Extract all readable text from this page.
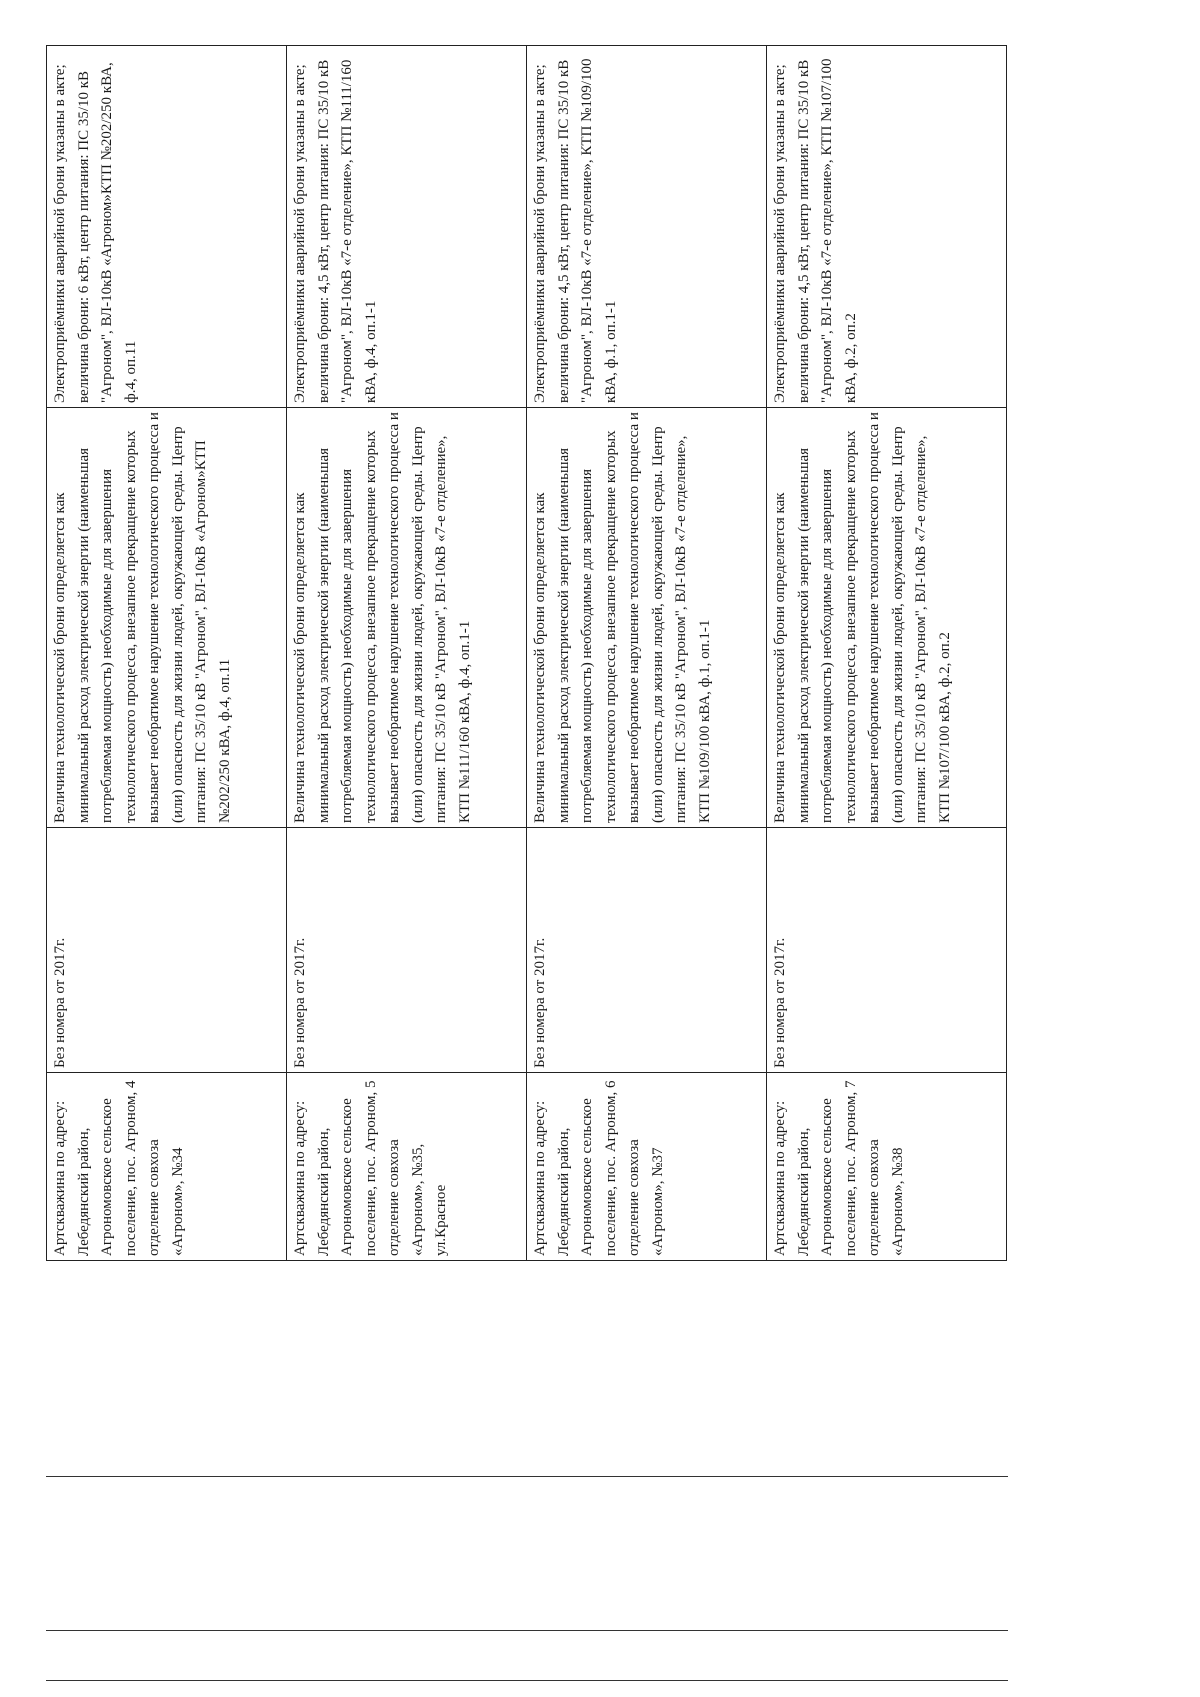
Артскважина по адресу: Лебедянский район, Агрономовское сельское поселение, пос. Агроном, 4 отделение совхоза «Агроном», №34	Без номера от 2017г.	Величина технологической брони определяется как минимальный расход электрической энергии (наименьшая потребляемая мощность) необходимые для завершения технологического процесса, внезапное прекращение которых вызывает необратимое нарушение технологического процесса и (или) опасность для жизни людей, окружающей среды. Центр питания: ПС 35/10 кВ "Агроном", ВЛ-10кВ «Агроном»КТП №202/250 кВА, ф.4, оп.11	Электроприёмники аварийной брони указаны в акте; величина брони: 6 кВт, центр питания: ПС 35/10 кВ "Агроном", ВЛ-10кВ «Агроном»КТП №202/250 кВА, ф.4, оп.11
Артскважина по адресу: Лебедянский район, Агрономовское сельское поселение, пос. Агроном, 5 отделение совхоза «Агроном», №35, ул.Красное	Без номера от 2017г.	Величина технологической брони определяется как минимальный расход электрической энергии (наименьшая потребляемая мощность) необходимые для завершения технологического процесса, внезапное прекращение которых вызывает необратимое нарушение технологического процесса и (или) опасность для жизни людей, окружающей среды. Центр питания: ПС 35/10 кВ "Агроном", ВЛ-10кВ «7-е отделение», КТП №111/160 кВА, ф.4, оп.1-1	Электроприёмники аварийной брони указаны в акте; величина брони: 4,5 кВт, центр питания: ПС 35/10 кВ "Агроном", ВЛ-10кВ «7-е отделение», КТП №111/160 кВА, ф.4, оп.1-1
Артскважина по адресу: Лебедянский район, Агрономовское сельское поселение, пос. Агроном, 6 отделение совхоза «Агроном», №37	Без номера от 2017г.	Величина технологической брони определяется как минимальный расход электрической энергии (наименьшая потребляемая мощность) необходимые для завершения технологического процесса, внезапное прекращение которых вызывает необратимое нарушение технологического процесса и (или) опасность для жизни людей, окружающей среды. Центр питания: ПС 35/10 кВ "Агроном", ВЛ-10кВ «7-е отделение», КТП №109/100 кВА, ф.1, оп.1-1	Электроприёмники аварийной брони указаны в акте; величина брони: 4,5 кВт, центр питания: ПС 35/10 кВ "Агроном", ВЛ-10кВ «7-е отделение», КТП №109/100 кВА, ф.1, оп.1-1
Артскважина по адресу: Лебедянский район, Агрономовское сельское поселение, пос. Агроном, 7 отделение совхоза «Агроном», №38	Без номера от 2017г.	Величина технологической брони определяется как минимальный расход электрической энергии (наименьшая потребляемая мощность) необходимые для завершения технологического процесса, внезапное прекращение которых вызывает необратимое нарушение технологического процесса и (или) опасность для жизни людей, окружающей среды. Центр питания: ПС 35/10 кВ "Агроном", ВЛ-10кВ «7-е отделение», КТП №107/100 кВА, ф.2, оп.2	Электроприёмники аварийной брони указаны в акте; величина брони: 4,5 кВт, центр питания: ПС 35/10 кВ "Агроном", ВЛ-10кВ «7-е отделение», КТП №107/100 кВА, ф.2, оп.2
